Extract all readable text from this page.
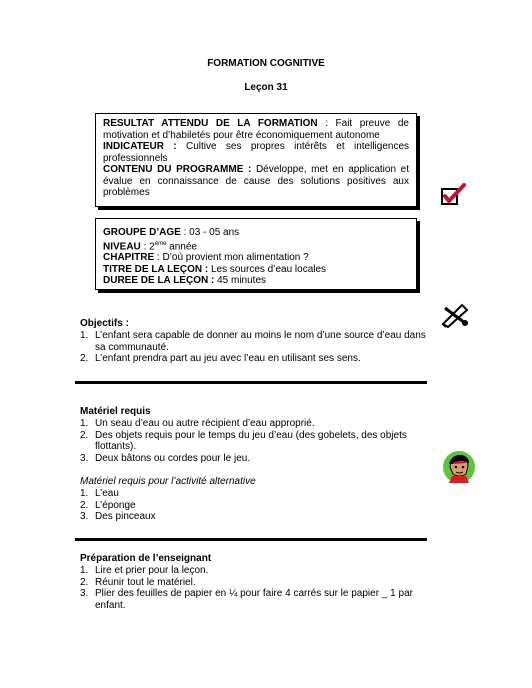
FORMATION COGNITIVE
Leçon 31
RESULTAT ATTENDU DE LA FORMATION : Fait preuve de motivation et d’habiletés pour être économiquement autonome
INDICATEUR : Cultive ses propres intérêts et intelligences professionnels
CONTENU DU PROGRAMME : Développe, met en application et évalue en connaissance de cause des solutions positives aux problèmes
GROUPE D’AGE : 03 - 05 ans
NIVEAU : 2ème année
CHAPITRE : D’où provient mon alimentation ?
TITRE DE LA LEÇON : Les sources d’eau locales
DUREE DE LA LEÇON : 45 minutes
Objectifs :
1. L’enfant sera capable de donner au moins le nom d’une source d’eau dans sa communauté.
2. L’enfant prendra part au jeu avec l’eau en utilisant ses sens.
Matériel requis
1. Un seau d’eau ou autre récipient d’eau approprié.
2. Des objets requis pour le temps du jeu d’eau (des gobelets, des objets flottants).
3. Deux bâtons ou cordes pour le jeu.
Matériel requis pour l’activité alternative
1. L’eau
2. L’éponge
3. Des pinceaux
Préparation de l’enseignant
1. Lire et prier pour la leçon.
2. Réunir tout le matériel.
3. Plier des feuilles de papier en ¼ pour faire 4 carrés sur le papier _ 1 par enfant.
